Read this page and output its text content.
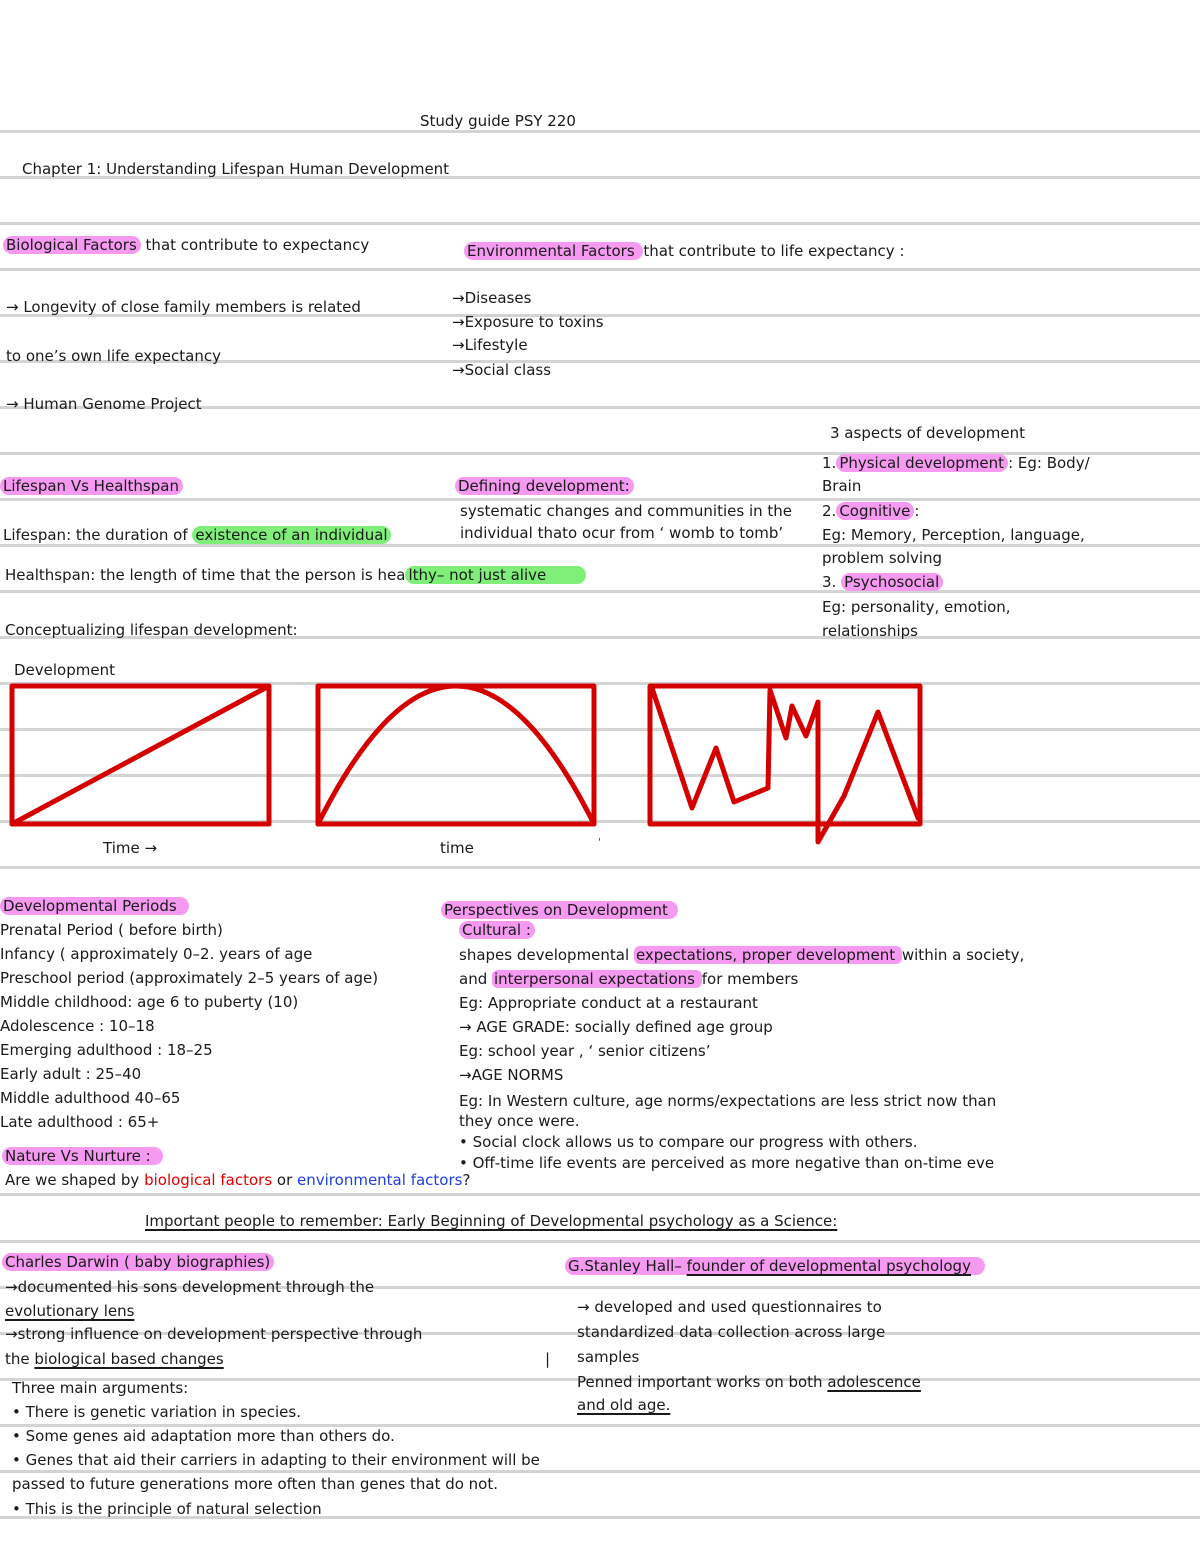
Study guide PSY 220
Chapter 1: Understanding Lifespan Human Development
Biological Factors that contribute to expectancy
→ Longevity of close family members is related
to one’s own life expectancy
→ Human Genome Project
Environmental Factors that contribute to life expectancy :
→Diseases
→Exposure to toxins
→Lifestyle
→Social class
3 aspects of development
1. Physical development : Eg: Body/
Brain
2. Cognitive :
Eg: Memory, Perception, language,
problem solving
3. Psychosocial
Eg: personality, emotion,
relationships
Lifespan Vs Healthspan
Lifespan: the duration of existence of an individual
Healthspan: the length of time that the person is hea lthy– not just alive
Conceptualizing lifespan development:
Defining development:
systematic changes and communities in the
individual thato ocur from ‘ womb to tomb’
Development
'
Time →	time
Developmental Periods
Prenatal Period ( before birth)
Infancy ( approximately 0–2. years of age
Preschool period (approximately 2–5 years of age)
Middle childhood: age 6 to puberty (10)
Adolescence : 10–18
Emerging adulthood : 18–25
Early adult : 25–40
Middle adulthood 40–65
Late adulthood : 65+
Nature Vs Nurture :
Are we shaped by biological factors or environmental factors?
Perspectives on Development
Cultural :
shapes developmental expectations, proper development within a society,
and interpersonal expectations for members
Eg: Appropriate conduct at a restaurant
→ AGE GRADE: socially defined age group
Eg: school year , ‘ senior citizens’
→AGE NORMS
Eg: In Western culture, age norms/expectations are less strict now than
they once were.
• Social clock allows us to compare our progress with others.
• Off-time life events are perceived as more negative than on-time eve
Important people to remember: Early Beginning of Developmental psychology as a Science:
Charles Darwin ( baby biographies)
→documented his sons development through the
evolutionary lens
→strong influence on development perspective through
the biological based changes	|
Three main arguments:
• There is genetic variation in species.
• Some genes aid adaptation more than others do.
• Genes that aid their carriers in adapting to their environment will be
passed to future generations more often than genes that do not.
• This is the principle of natural selection
G.Stanley Hall– founder of developmental psychology
→ developed and used questionnaires to
standardized data collection across large
samples
Penned important works on both adolescence
and old age.
